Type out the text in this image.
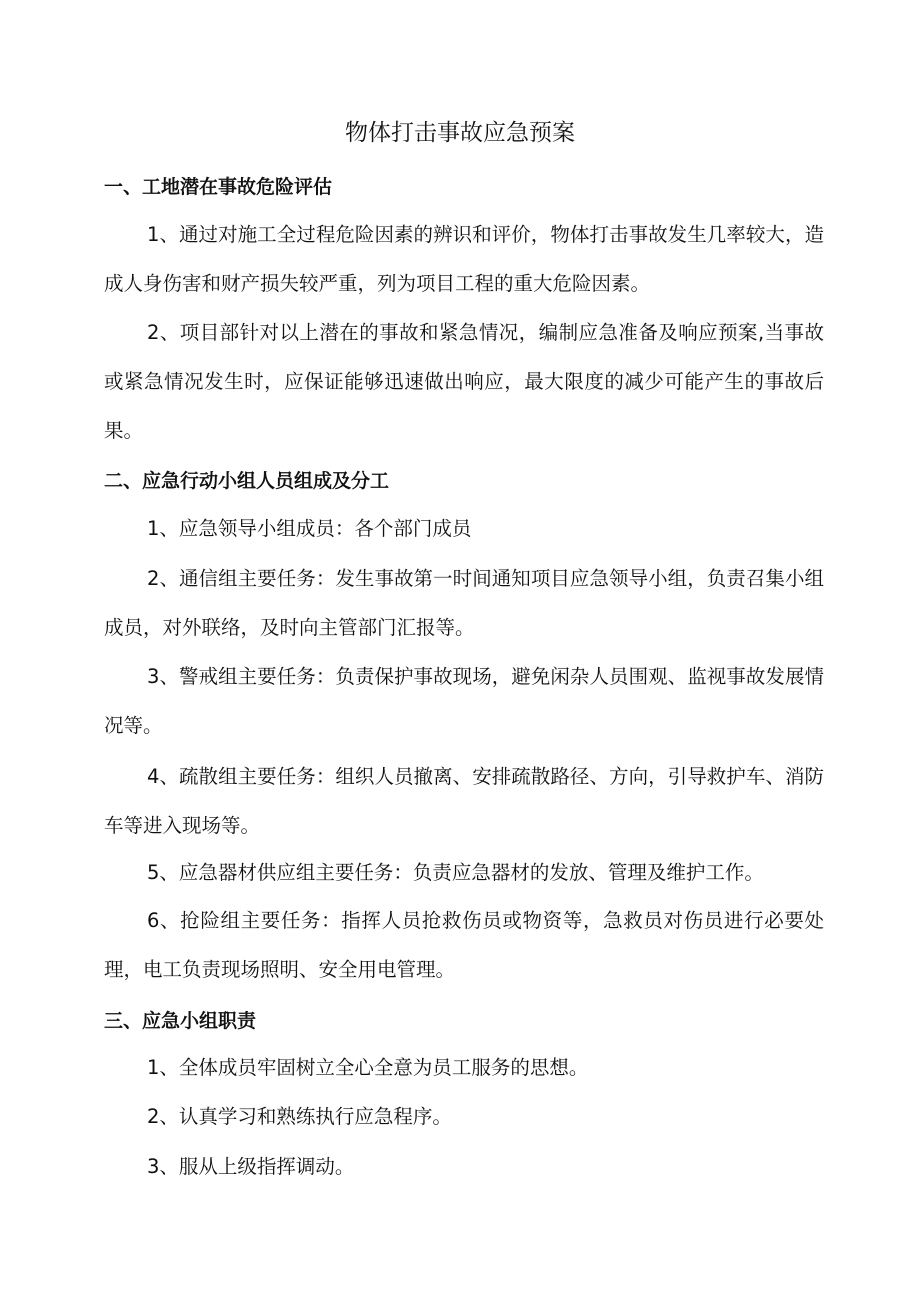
物体打击事故应急预案
一、工地潜在事故危险评估

1、通过对施工全过程危险因素的辨识和评价，物体打击事故发生几率较大，造成人身伤害和财产损失较严重，列为项目工程的重大危险因素。

2、项目部针对以上潜在的事故和紧急情况，编制应急准备及响应预案,当事故或紧急情况发生时，应保证能够迅速做出响应，最大限度的减少可能产生的事故后果。

二、应急行动小组人员组成及分工

1、应急领导小组成员：各个部门成员

2、通信组主要任务：发生事故第一时间通知项目应急领导小组，负责召集小组成员，对外联络，及时向主管部门汇报等。

3、警戒组主要任务：负责保护事故现场，避免闲杂人员围观、监视事故发展情况等。

4、疏散组主要任务：组织人员撤离、安排疏散路径、方向，引导救护车、消防车等进入现场等。

5、应急器材供应组主要任务：负责应急器材的发放、管理及维护工作。

6、抢险组主要任务：指挥人员抢救伤员或物资等，急救员对伤员进行必要处理，电工负责现场照明、安全用电管理。

三、应急小组职责

1、全体成员牢固树立全心全意为员工服务的思想。

2、认真学习和熟练执行应急程序。

3、服从上级指挥调动。
